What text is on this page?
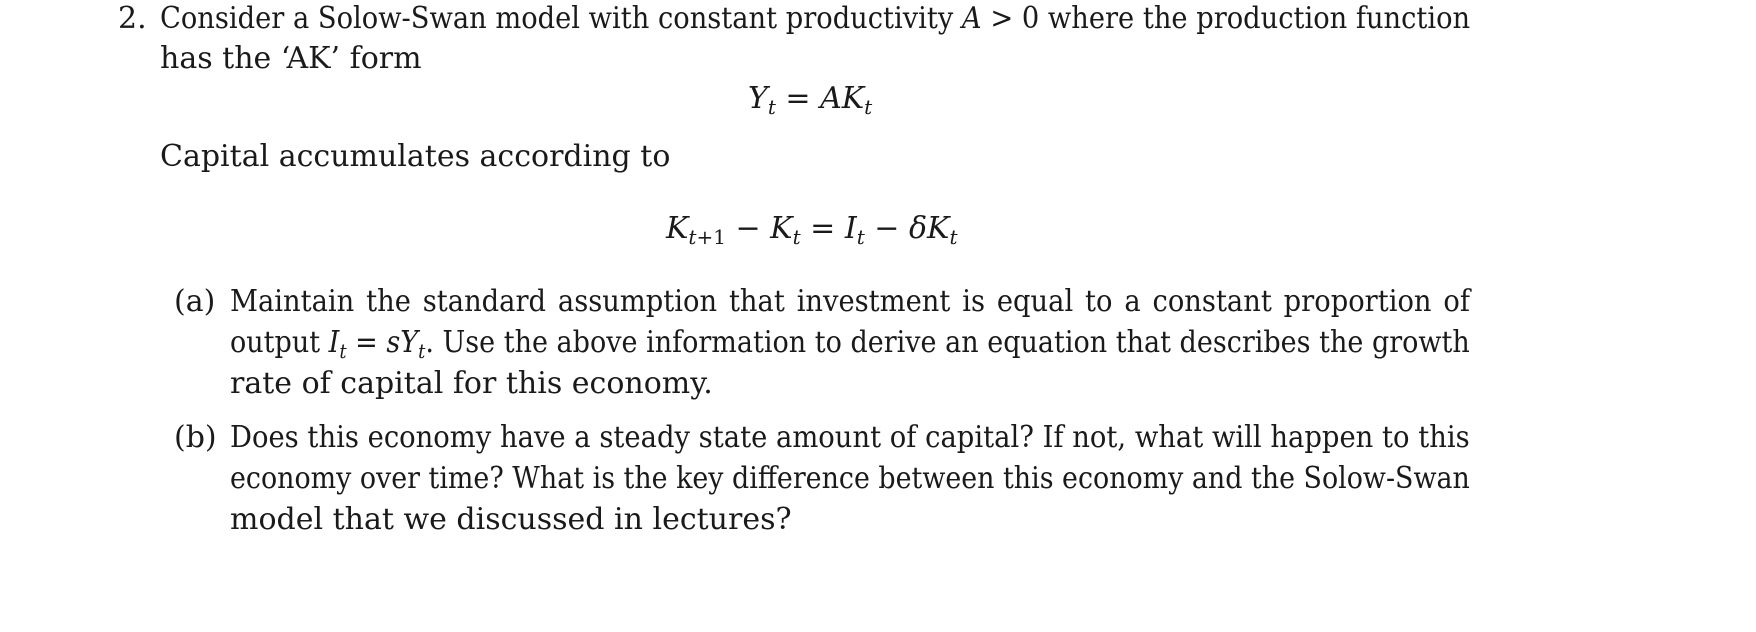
2. Consider a Solow-Swan model with constant productivity A > 0 where the production function
has the ‘AK’ form
$Y_t = AK_t$
Capital accumulates according to
$K_{t+1} - K_t = I_t - \delta K_t$
(a) Maintain the standard assumption that investment is equal to a constant proportion of
output $I_t = sY_t$. Use the above information to derive an equation that describes the growth
rate of capital for this economy.
(b) Does this economy have a steady state amount of capital? If not, what will happen to this
economy over time? What is the key difference between this economy and the Solow-Swan
model that we discussed in lectures?
